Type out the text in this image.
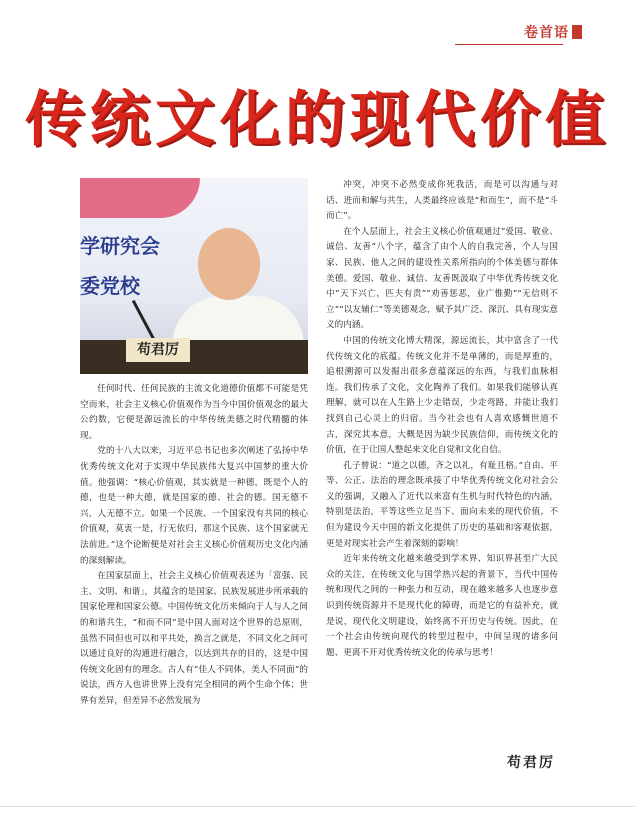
卷首语
传统文化的现代价值
学研究会
委党校
苟君厉

任何时代、任何民族的主流文化道德价值都不可能是凭空而来，社会主义核心价值观作为当今中国价值观念的最大公约数，它便是源远流长的中华传统美德之时代精髓的体现。

党的十八大以来，习近平总书记也多次阐述了弘扬中华优秀传统文化对于实现中华民族伟大复兴中国梦的重大价值。他强调：“核心价值观，其实就是一种德，既是个人的德，也是一种大德，就是国家的德、社会的德。国无德不兴，人无德不立。如果一个民族、一个国家没有共同的核心价值观，莫衷一是，行无依归，那这个民族、这个国家就无法前进。”这个论断便是对社会主义核心价值观历史文化内涵的深刻解读。

在国家层面上，社会主义核心价值观表述为「富强、民主、文明、和谐」，其蕴含的是国家、民族发展进步所承载的国家伦理和国家公德。中国传统文化历来倾向于人与人之间的和谐共生，“和而不同”是中国人面对这个世界的总原则，虽然不同但也可以和平共处，换言之就是，不同文化之间可以通过良好的沟通进行融合，以达到共存的目的，这是中国传统文化固有的理念。古人有“佳人不同体，美人不同面”的说法，西方人也讲世界上没有完全相同的两个生命个体；世界有差异，但差异不必然发展为

冲突，冲突不必然变成你死我活，而是可以沟通与对话、进而和解与共生，人类最终应该是“和而生”，而不是“斗而亡”。

在个人层面上，社会主义核心价值观通过”爱国、敬业、诚信、友善“八个字，蕴含了由个人的自我完善，个人与国家、民族、他人之间的建设性关系所指向的个体美德与群体美德。爱国、敬业、诚信、友善既汲取了中华优秀传统文化中”天下兴亡，匹夫有责”“劝善惩恶，业广惟勤”“无信则不立”“以友辅仁”等美德观念，赋予其广泛、深沉、具有现实意义的内涵。

中国的传统文化博大精深，源远流长，其中富含了一代代传统文化的底蕴。传统文化并不是单薄的，而是厚重的，追根溯源可以发掘出很多意蕴深远的东西，与我们血脉相连。我们传承了文化，文化陶养了我们。如果我们能够认真理解，就可以在人生路上少走错误，少走弯路，并能让我们找到自己心灵上的归宿。当今社会也有人喜欢感慨世道不古，深究其本意，大概是因为缺少民族信仰，而传统文化的价值，在于让国人整起来文化自觉和文化自信。

孔子曾说：“道之以德，齐之以礼，有耻且格。”自由、平等、公正、法治的理念既承接了中华优秀传统文化对社会公义的强调，又融入了近代以来富有生机与时代特色的内涵，特别是法治，平等这些立足当下、面向未来的现代价值，不但为建设今天中国的新文化提供了历史的基础和客观依据，更是对现实社会产生着深刻的影响！

近年来传统文化越来越受到学术界、知识界甚至广大民众的关注，在传统文化与国学热兴起的背景下，当代中国传统和现代之间的一种张力和互动，现在越来越多人也逐步意识到传统资源并不是现代化的障碍，而是它的有益补充，就是说，现代化文明建设，始终离不开历史与传统。因此，在一个社会由传统向现代的转型过程中，中间呈现的诸多问题、更离不开对优秀传统文化的传承与思考！

苟君厉
